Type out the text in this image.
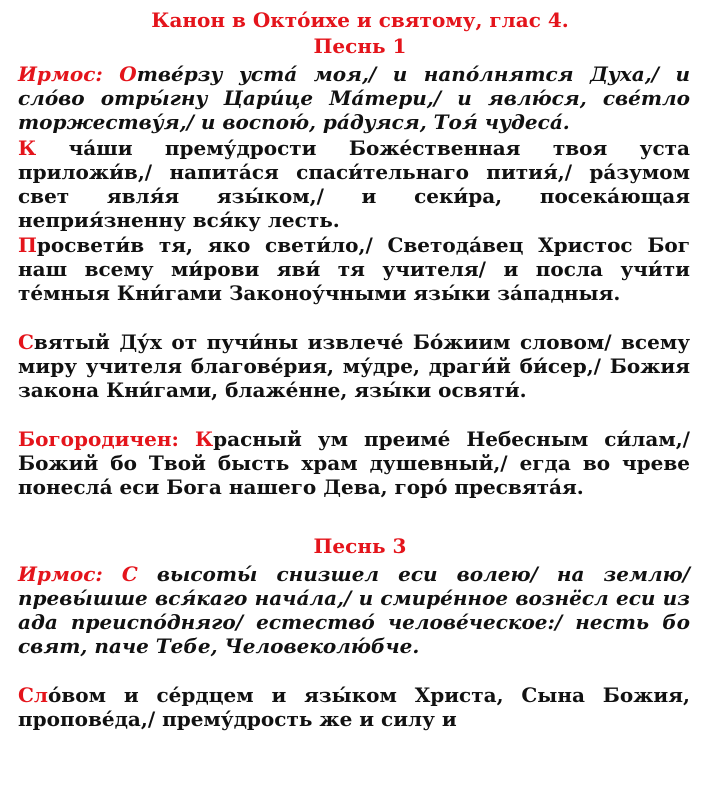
Канон в Окто́ихе и святому, глас 4.
Песнь 1
Ирмос: Отве́рзу уста́ моя,/ и напо́лнятся Духа,/ и сло́во отры́гну Цари́це Ма́тери,/ и явлю́ся, све́тло торжеству́я,/ и воспою́, ра́дуяся, Тоя́ чудеса́.
К ча́ши прему́дрости Боже́ственная твоя уста приложи́в,/ напита́ся спаси́тельнаго пития́,/ ра́зумом свет явля́я язы́ком,/ и секи́ра, посека́ющая неприя́зненну вся́ку лесть.
Просвети́в тя, яко свети́ло,/ Светода́вец Христос Бог наш всему ми́рови яви́ тя учителя/ и посла учи́ти те́мныя Кни́гами Законоу́чными язы́ки за́падныя.
Святый Ду́х от пучи́ны извлече́ Бо́жиим словом/ всему миру учителя благове́рия, му́дре, драги́й би́сер,/ Божия закона Кни́гами, блаже́нне, язы́ки освяти́.
Богородичен: Красный ум преимé Небесным си́лам,/ Божий бо Твой бысть храм душевный,/ егда во чреве понесла́ еси Бога нашего Дева, горо́ пресвята́я.
Песнь 3
Ирмос: С высоты́ снизшел еси волею/ на землю/ превы́шше вся́каго нача́ла,/ и смире́нное вознёсл еси из ада преиспо́дняго/ естество́ челове́ческое:/ несть бо свят, паче Тебе, Человеколю́бче.
Сло́вом и се́рдцем и язы́ком Христа, Сына Божия, пропове́да,/ прему́дрость же и силу и
